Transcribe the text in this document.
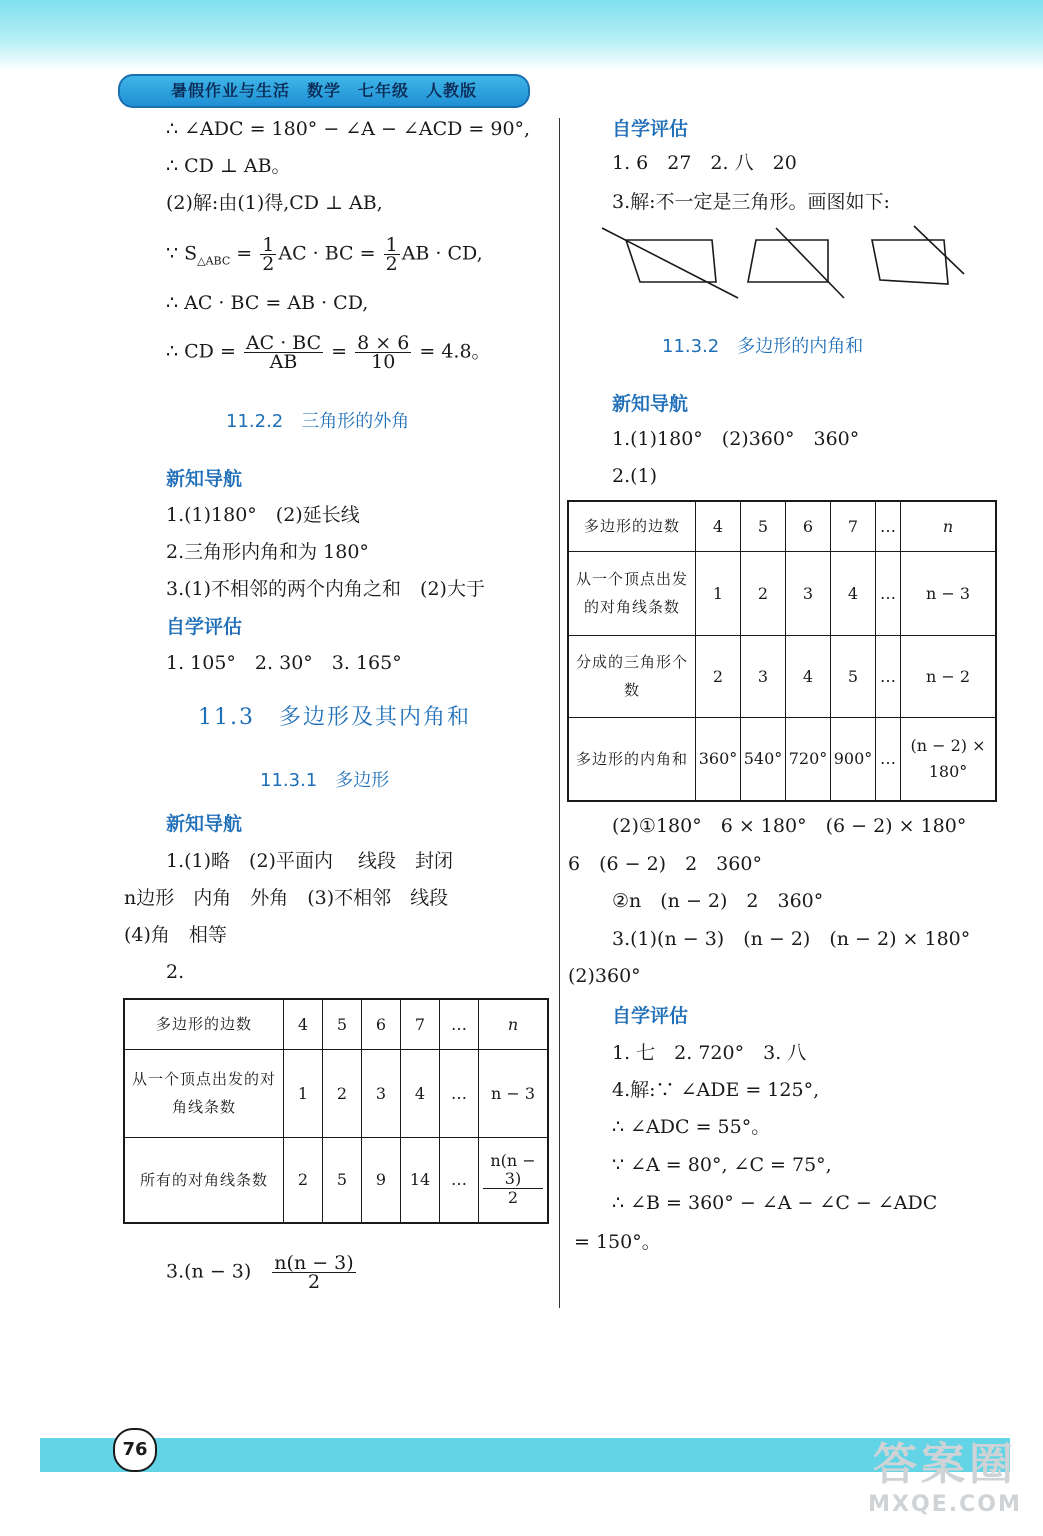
暑假作业与生活　数学　七年级　人教版
∴ ∠ADC = 180° − ∠A − ∠ACD = 90°,
∴ CD ⊥ AB。
(2)解:由(1)得,CD ⊥ AB,
∵ $S_{\triangle ABC} = \frac{1}{2}$ AC · BC = $\frac{1}{2}$ AB · CD,
∴ AC · BC = AB · CD,
∴ CD = $\frac{AC \cdot BC}{AB} = \frac{8 \times 6}{10} = 4.8$。
11.2.2　三角形的外角
新知导航
1.(1)180°　(2)延长线
2.三角形内角和为 180°
3.(1)不相邻的两个内角之和　(2)大于
自学评估
1. 105°　2. 30°　3. 165°
11.3　多边形及其内角和
11.3.1　多边形
新知导航
1.(1)略　(2)平面内　 线段　封闭
n边形　内角　外角　(3)不相邻　线段
(4)角　相等
2.
多边形的边数	4	5	6	7	…	n
从一个顶点出发的对角线条数	1	2	3	4	…	n − 3
所有的对角线条数	2	5	9	14	…	$\frac{n(n - 3)}{2}$
3.(n − 3)　 $\frac{n(n - 3)}{2}$
自学评估
1. 6　27　2. 八　20
3.解:不一定是三角形。画图如下:
11.3.2　多边形的内角和
新知导航
1.(1)180°　(2)360°　360°
2.(1)
多边形的边数	4	5	6	7	…	n
从一个顶点出发的对角线条数	1	2	3	4	…	n − 3
分成的三角形个数	2	3	4	5	…	n − 2
多边形的内角和	360°	540°	720°	900°	…	(n − 2) × 180°
(2)①180°　6 × 180°　(6 − 2) × 180°
6　(6 − 2)　2　360°
②n　(n − 2)　2　360°
3.(1)(n − 3)　(n − 2)　(n − 2) × 180°
(2)360°
自学评估
1. 七　2. 720°　3. 八
4.解:∵ ∠ADE = 125°,
∴ ∠ADC = 55°。
∵ ∠A = 80°, ∠C = 75°,
∴ ∠B = 360° − ∠A − ∠C − ∠ADC
= 150°。
76	答案圈
MXQE.COM
